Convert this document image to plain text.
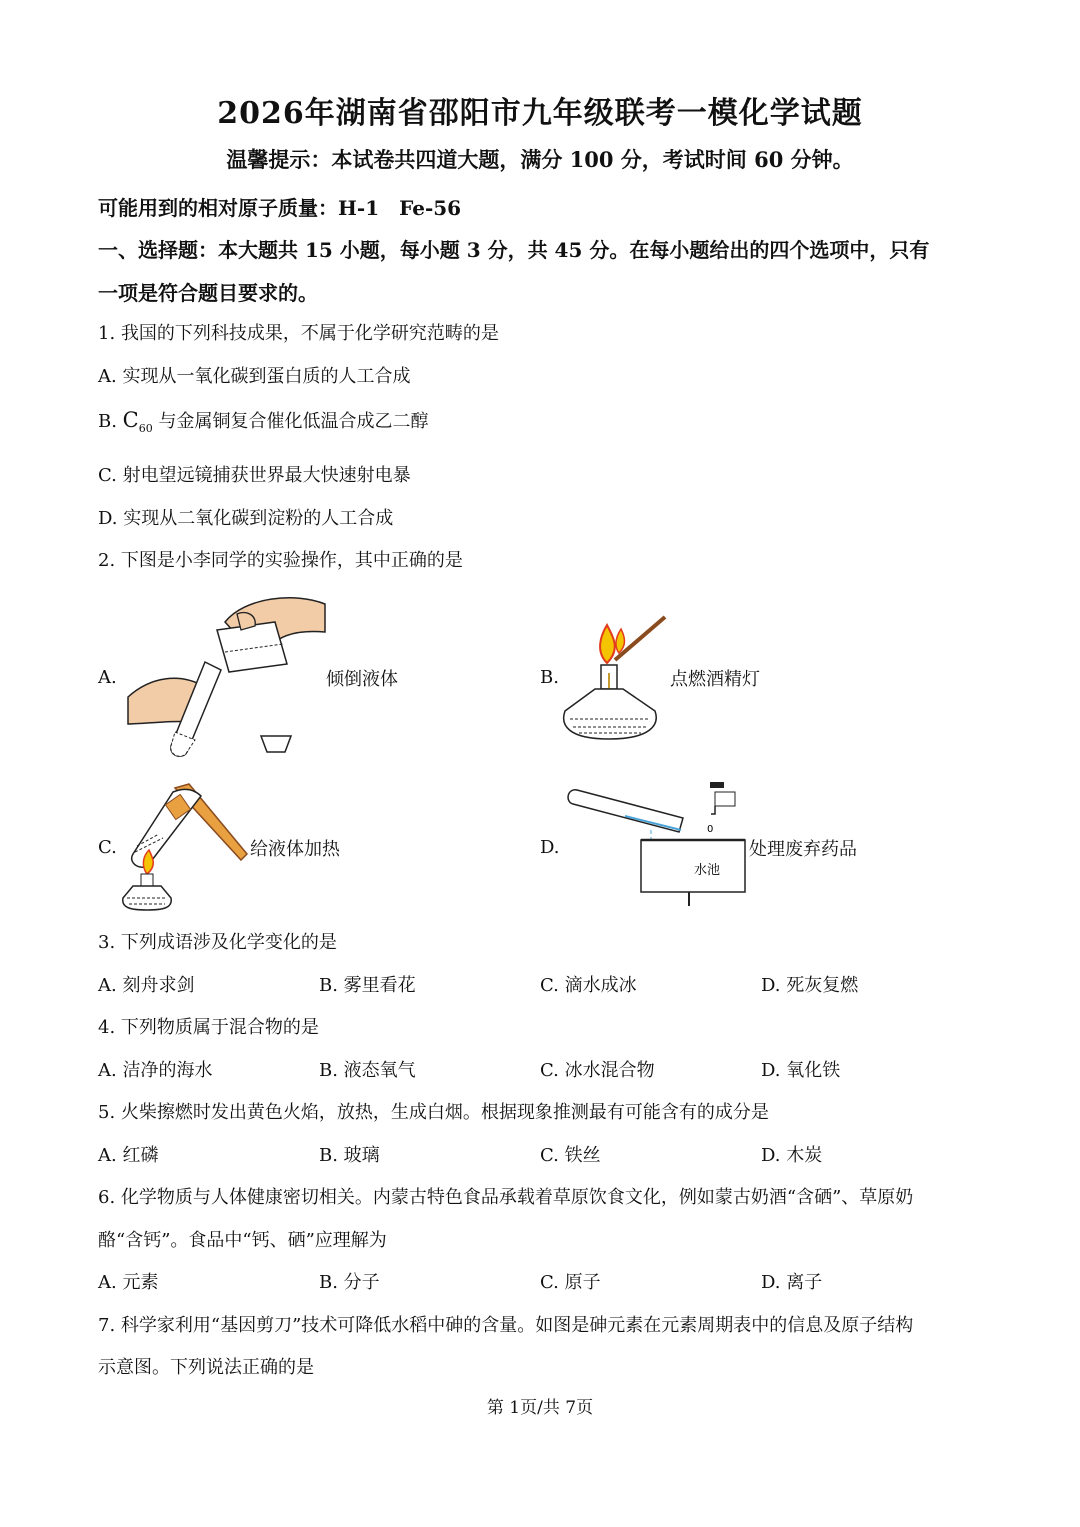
2026年湖南省邵阳市九年级联考一模化学试题
温馨提示：本试卷共四道大题，满分 100 分，考试时间 60 分钟。
可能用到的相对原子质量：H-1　Fe-56
一、选择题：本大题共 15 小题，每小题 3 分，共 45 分。在每小题给出的四个选项中，只有
一项是符合题目要求的。
1. 我国的下列科技成果，不属于化学研究范畴的是
A. 实现从一氧化碳到蛋白质的人工合成
B. $C_{60}$ 与金属铜复合催化低温合成乙二醇
C. 射电望远镜捕获世界最大快速射电暴
D. 实现从二氧化碳到淀粉的人工合成
2. 下图是小李同学的实验操作，其中正确的是
A.	倾倒液体	B.	点燃酒精灯
C.	给液体加热	D.
0
水池
处理废弃药品
3. 下列成语涉及化学变化的是
A. 刻舟求剑	B. 雾里看花	C. 滴水成冰	D. 死灰复燃
4. 下列物质属于混合物的是
A. 洁净的海水	B. 液态氧气	C. 冰水混合物	D. 氧化铁
5. 火柴擦燃时发出黄色火焰，放热，生成白烟。根据现象推测最有可能含有的成分是
A. 红磷	B. 玻璃	C. 铁丝	D. 木炭
6. 化学物质与人体健康密切相关。内蒙古特色食品承载着草原饮食文化，例如蒙古奶酒“含硒”、草原奶
酪“含钙”。食品中“钙、硒”应理解为
A. 元素	B. 分子	C. 原子	D. 离子
7. 科学家利用“基因剪刀”技术可降低水稻中砷的含量。如图是砷元素在元素周期表中的信息及原子结构
示意图。下列说法正确的是
第 1页/共 7页
